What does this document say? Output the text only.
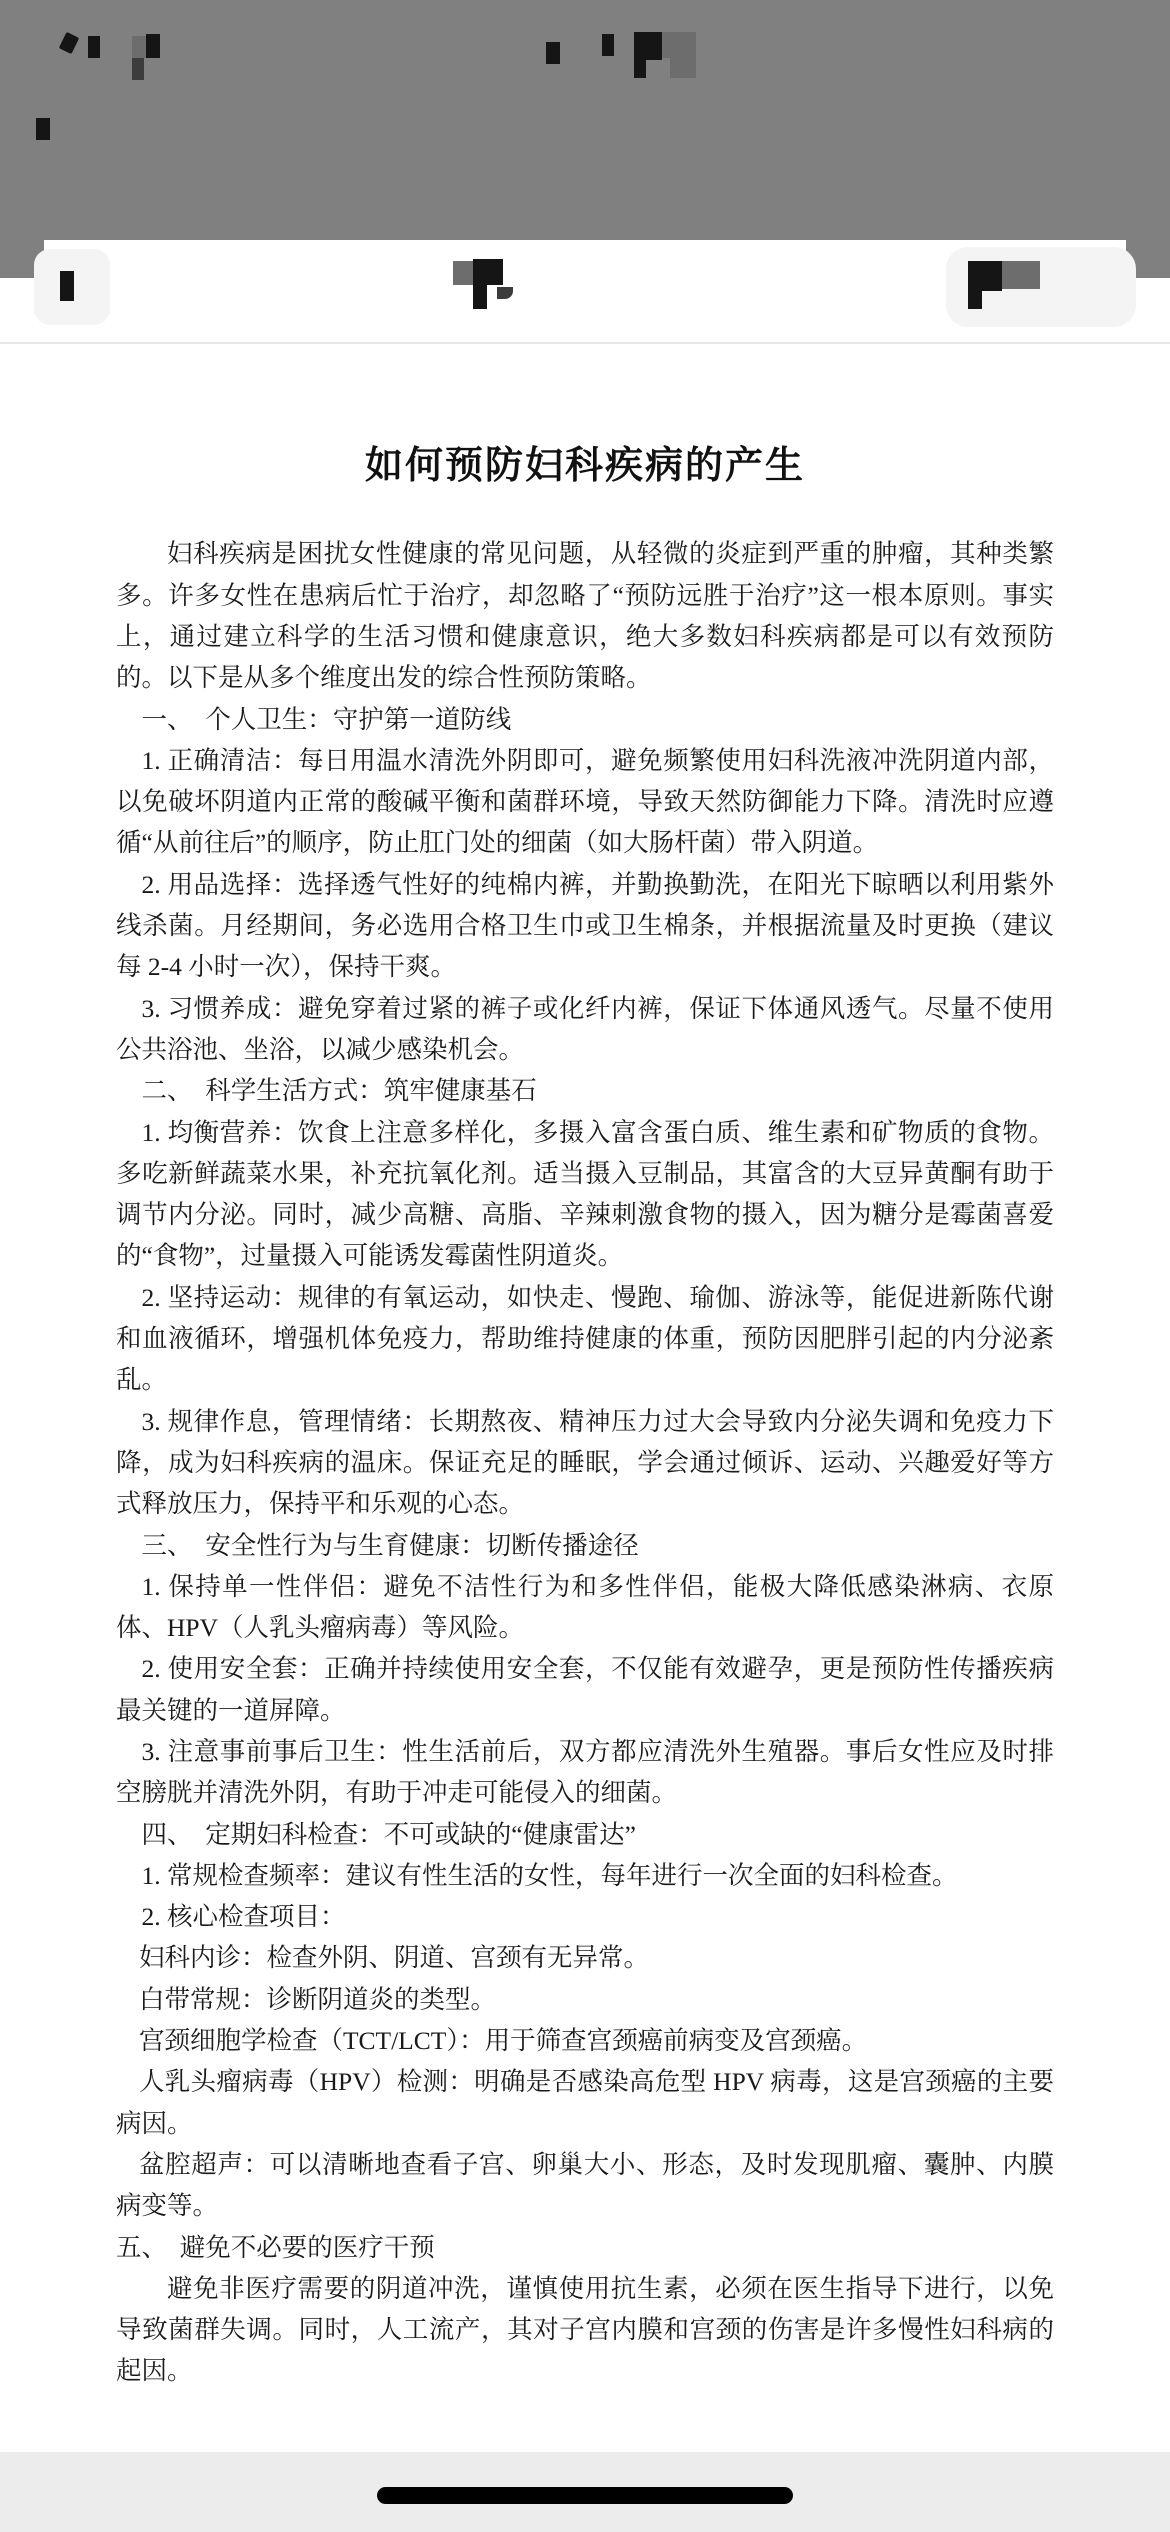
如何预防妇科疾病的产生

妇科疾病是困扰女性健康的常见问题，从轻微的炎症到严重的肿瘤，其种类繁多。许多女性在患病后忙于治疗，却忽略了“预防远胜于治疗”这一根本原则。事实上，通过建立科学的生活习惯和健康意识，绝大多数妇科疾病都是可以有效预防的。以下是从多个维度出发的综合性预防策略。

一、　个人卫生：守护第一道防线

1. 正确清洁：每日用温水清洗外阴即可，避免频繁使用妇科洗液冲洗阴道内部，以免破坏阴道内正常的酸碱平衡和菌群环境，导致天然防御能力下降。清洗时应遵循“从前往后”的顺序，防止肛门处的细菌（如大肠杆菌）带入阴道。

2. 用品选择：选择透气性好的纯棉内裤，并勤换勤洗，在阳光下晾晒以利用紫外线杀菌。月经期间，务必选用合格卫生巾或卫生棉条，并根据流量及时更换（建议每 2-4 小时一次），保持干爽。

3. 习惯养成：避免穿着过紧的裤子或化纤内裤，保证下体通风透气。尽量不使用公共浴池、坐浴，以减少感染机会。

二、　科学生活方式：筑牢健康基石

1. 均衡营养：饮食上注意多样化，多摄入富含蛋白质、维生素和矿物质的食物。多吃新鲜蔬菜水果，补充抗氧化剂。适当摄入豆制品，其富含的大豆异黄酮有助于调节内分泌。同时，减少高糖、高脂、辛辣刺激食物的摄入，因为糖分是霉菌喜爱的“食物”，过量摄入可能诱发霉菌性阴道炎。

2. 坚持运动：规律的有氧运动，如快走、慢跑、瑜伽、游泳等，能促进新陈代谢和血液循环，增强机体免疫力，帮助维持健康的体重，预防因肥胖引起的内分泌紊乱。

3. 规律作息，管理情绪：长期熬夜、精神压力过大会导致内分泌失调和免疫力下降，成为妇科疾病的温床。保证充足的睡眠，学会通过倾诉、运动、兴趣爱好等方式释放压力，保持平和乐观的心态。

三、　安全性行为与生育健康：切断传播途径

1. 保持单一性伴侣：避免不洁性行为和多性伴侣，能极大降低感染淋病、衣原体、HPV（人乳头瘤病毒）等风险。

2. 使用安全套：正确并持续使用安全套，不仅能有效避孕，更是预防性传播疾病最关键的一道屏障。

3. 注意事前事后卫生：性生活前后，双方都应清洗外生殖器。事后女性应及时排空膀胱并清洗外阴，有助于冲走可能侵入的细菌。

四、　定期妇科检查：不可或缺的“健康雷达”

1. 常规检查频率：建议有性生活的女性，每年进行一次全面的妇科检查。

2. 核心检查项目：

妇科内诊：检查外阴、阴道、宫颈有无异常。

白带常规：诊断阴道炎的类型。

宫颈细胞学检查（TCT/LCT）：用于筛查宫颈癌前病变及宫颈癌。

人乳头瘤病毒（HPV）检测：明确是否感染高危型 HPV 病毒，这是宫颈癌的主要病因。

盆腔超声：可以清晰地查看子宫、卵巢大小、形态，及时发现肌瘤、囊肿、内膜病变等。

五、　避免不必要的医疗干预

避免非医疗需要的阴道冲洗，谨慎使用抗生素，必须在医生指导下进行，以免导致菌群失调。同时，人工流产，其对子宫内膜和宫颈的伤害是许多慢性妇科病的起因。
